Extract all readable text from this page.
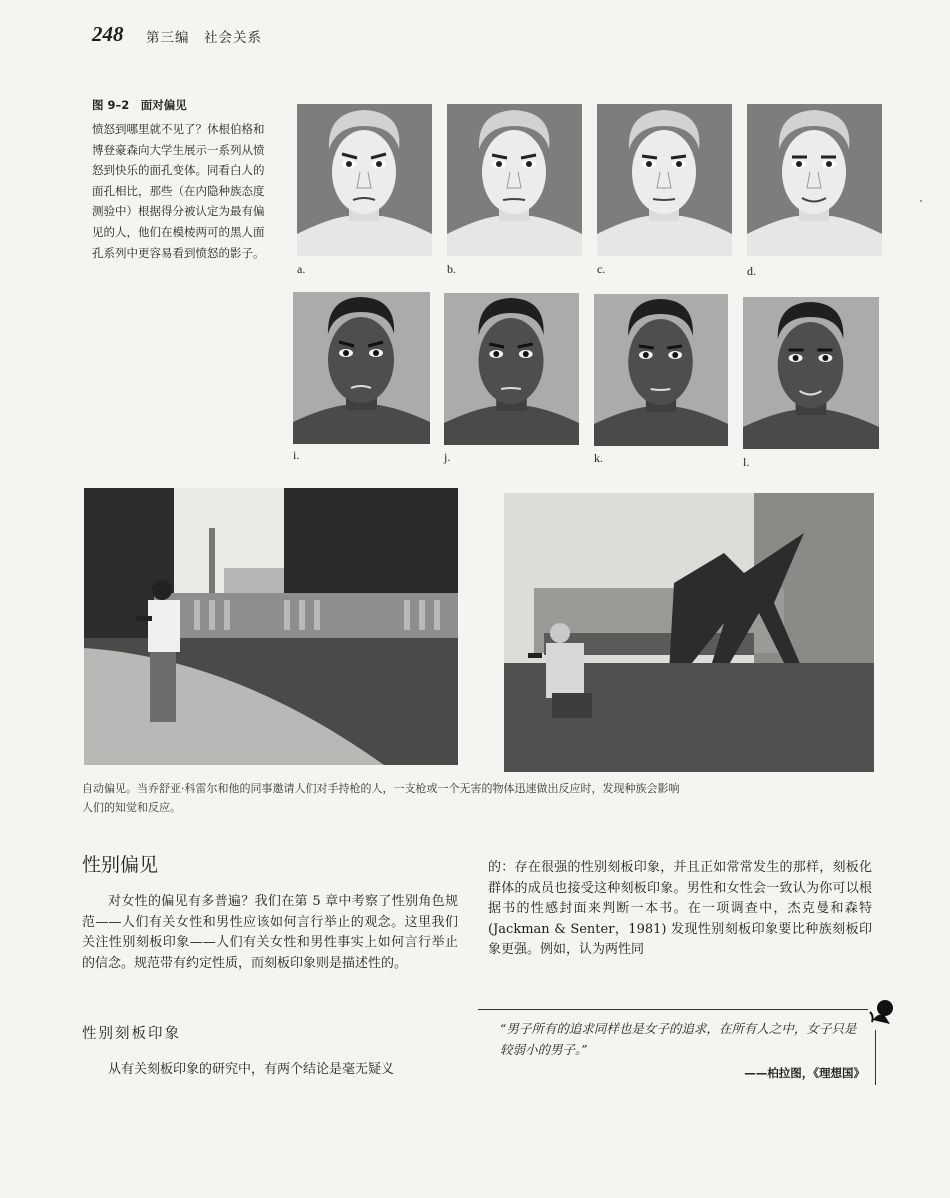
248 第三编　社会关系
图 9–2　面对偏见
愤怒到哪里就不见了？休根伯格和博登豪森向大学生展示一系列从愤怒到快乐的面孔变体。同看白人的面孔相比，那些（在内隐种族态度测验中）根据得分被认定为最有偏见的人，他们在模棱两可的黑人面孔系列中更容易看到愤怒的影子。
a.	b.	c.	d.
i.	j.	k.	l.
自动偏见。当乔舒亚·科雷尔和他的同事邀请人们对手持枪的人，一支枪或一个无害的物体迅速做出反应时，发现种族会影响人们的知觉和反应。
性别偏见

对女性的偏见有多普遍？我们在第 5 章中考察了性别角色规范——人们有关女性和男性应该如何言行举止的观念。这里我们关注性别刻板印象——人们有关女性和男性事实上如何言行举止的信念。规范带有约定性质，而刻板印象则是描述性的。

性别刻板印象

从有关刻板印象的研究中，有两个结论是毫无疑义

的：存在很强的性别刻板印象，并且正如常常发生的那样，刻板化群体的成员也接受这种刻板印象。男性和女性会一致认为你可以根据书的性感封面来判断一本书。在一项调查中，杰克曼和森特 (Jackman & Senter，1981) 发现性别刻板印象要比种族刻板印象更强。例如，认为两性同

“男子所有的追求同样也是女子的追求，在所有人之中，女子只是较弱小的男子。”
——柏拉图，《理想国》
